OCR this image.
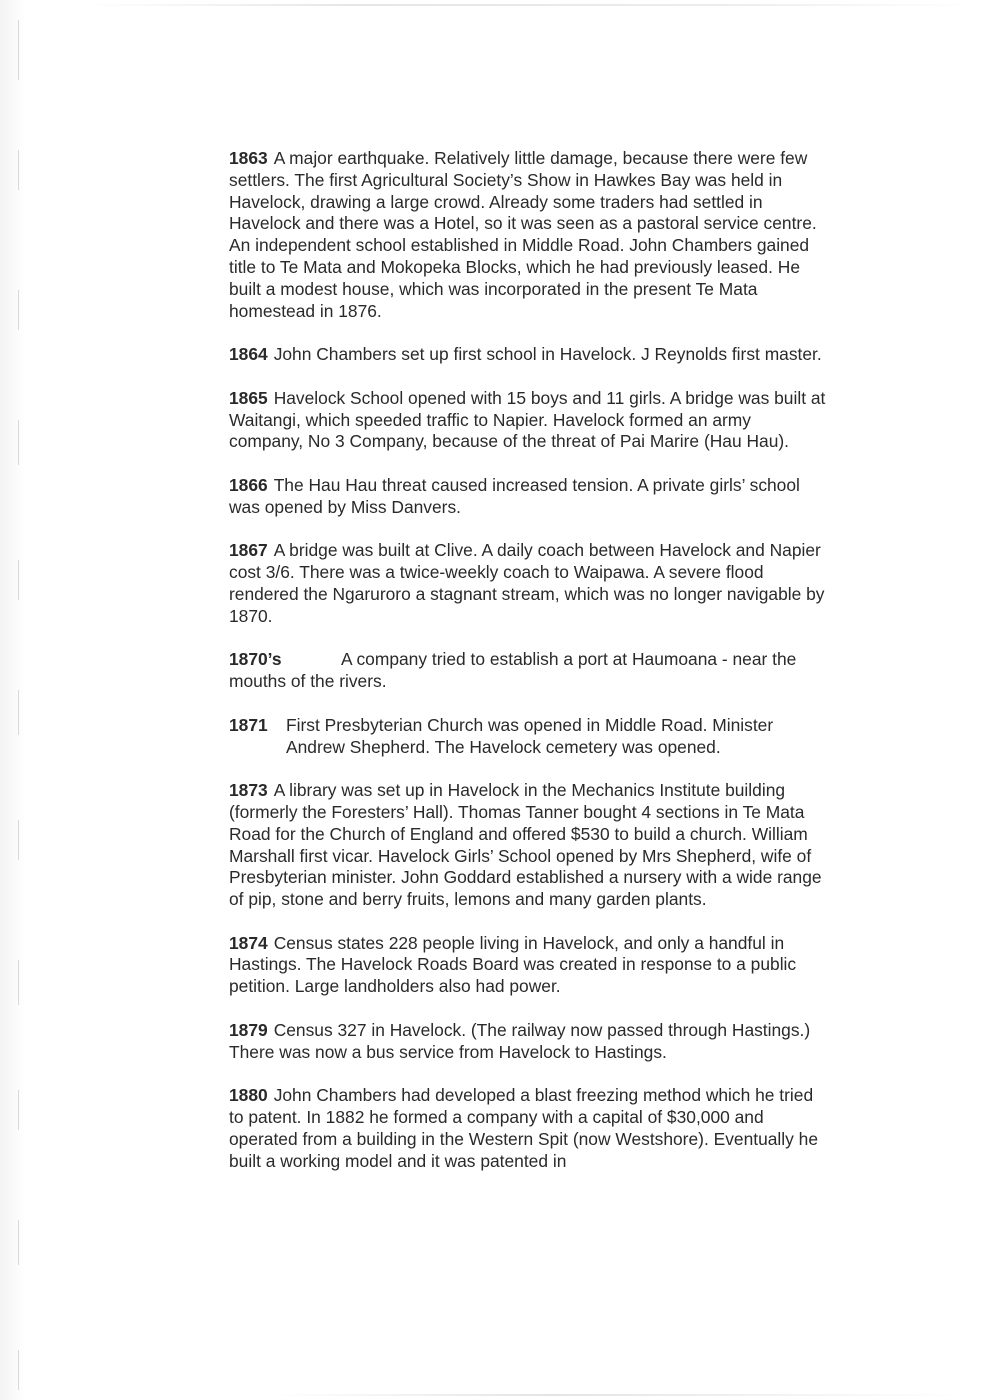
1863 A major earthquake. Relatively little damage, because there were few settlers. The first Agricultural Society’s Show in Hawkes Bay was held in Havelock, drawing a large crowd. Already some traders had settled in Havelock and there was a Hotel, so it was seen as a pastoral service centre. An independent school established in Middle Road. John Chambers gained title to Te Mata and Mokopeka Blocks, which he had previously leased. He built a modest house, which was incorporated in the present Te Mata homestead in 1876.

1864 John Chambers set up first school in Havelock. J Reynolds first master.

1865 Havelock School opened with 15 boys and 11 girls. A bridge was built at Waitangi, which speeded traffic to Napier. Havelock formed an army company, No 3 Company, because of the threat of Pai Marire (Hau Hau).

1866 The Hau Hau threat caused increased tension. A private girls’ school was opened by Miss Danvers.

1867 A bridge was built at Clive. A daily coach between Havelock and Napier cost 3/6. There was a twice-weekly coach to Waipawa. A severe flood rendered the Ngaruroro a stagnant stream, which was no longer navigable by 1870.

1870’s	A company tried to establish a port at Haumoana - near the mouths of the rivers.

1871 First Presbyterian Church was opened in Middle Road. Minister Andrew Shepherd. The Havelock cemetery was opened.

1873 A library was set up in Havelock in the Mechanics Institute building (formerly the Foresters’ Hall). Thomas Tanner bought 4 sections in Te Mata Road for the Church of England and offered $530 to build a church. William Marshall first vicar. Havelock Girls’ School opened by Mrs Shepherd, wife of Presbyterian minister. John Goddard established a nursery with a wide range of pip, stone and berry fruits, lemons and many garden plants.

1874 Census states 228 people living in Havelock, and only a handful in Hastings. The Havelock Roads Board was created in response to a public petition. Large landholders also had power.

1879 Census 327 in Havelock. (The railway now passed through Hastings.) There was now a bus service from Havelock to Hastings.

1880 John Chambers had developed a blast freezing method which he tried to patent. In 1882 he formed a company with a capital of $30,000 and operated from a building in the Western Spit (now Westshore). Eventually he built a working model and it was patented in
